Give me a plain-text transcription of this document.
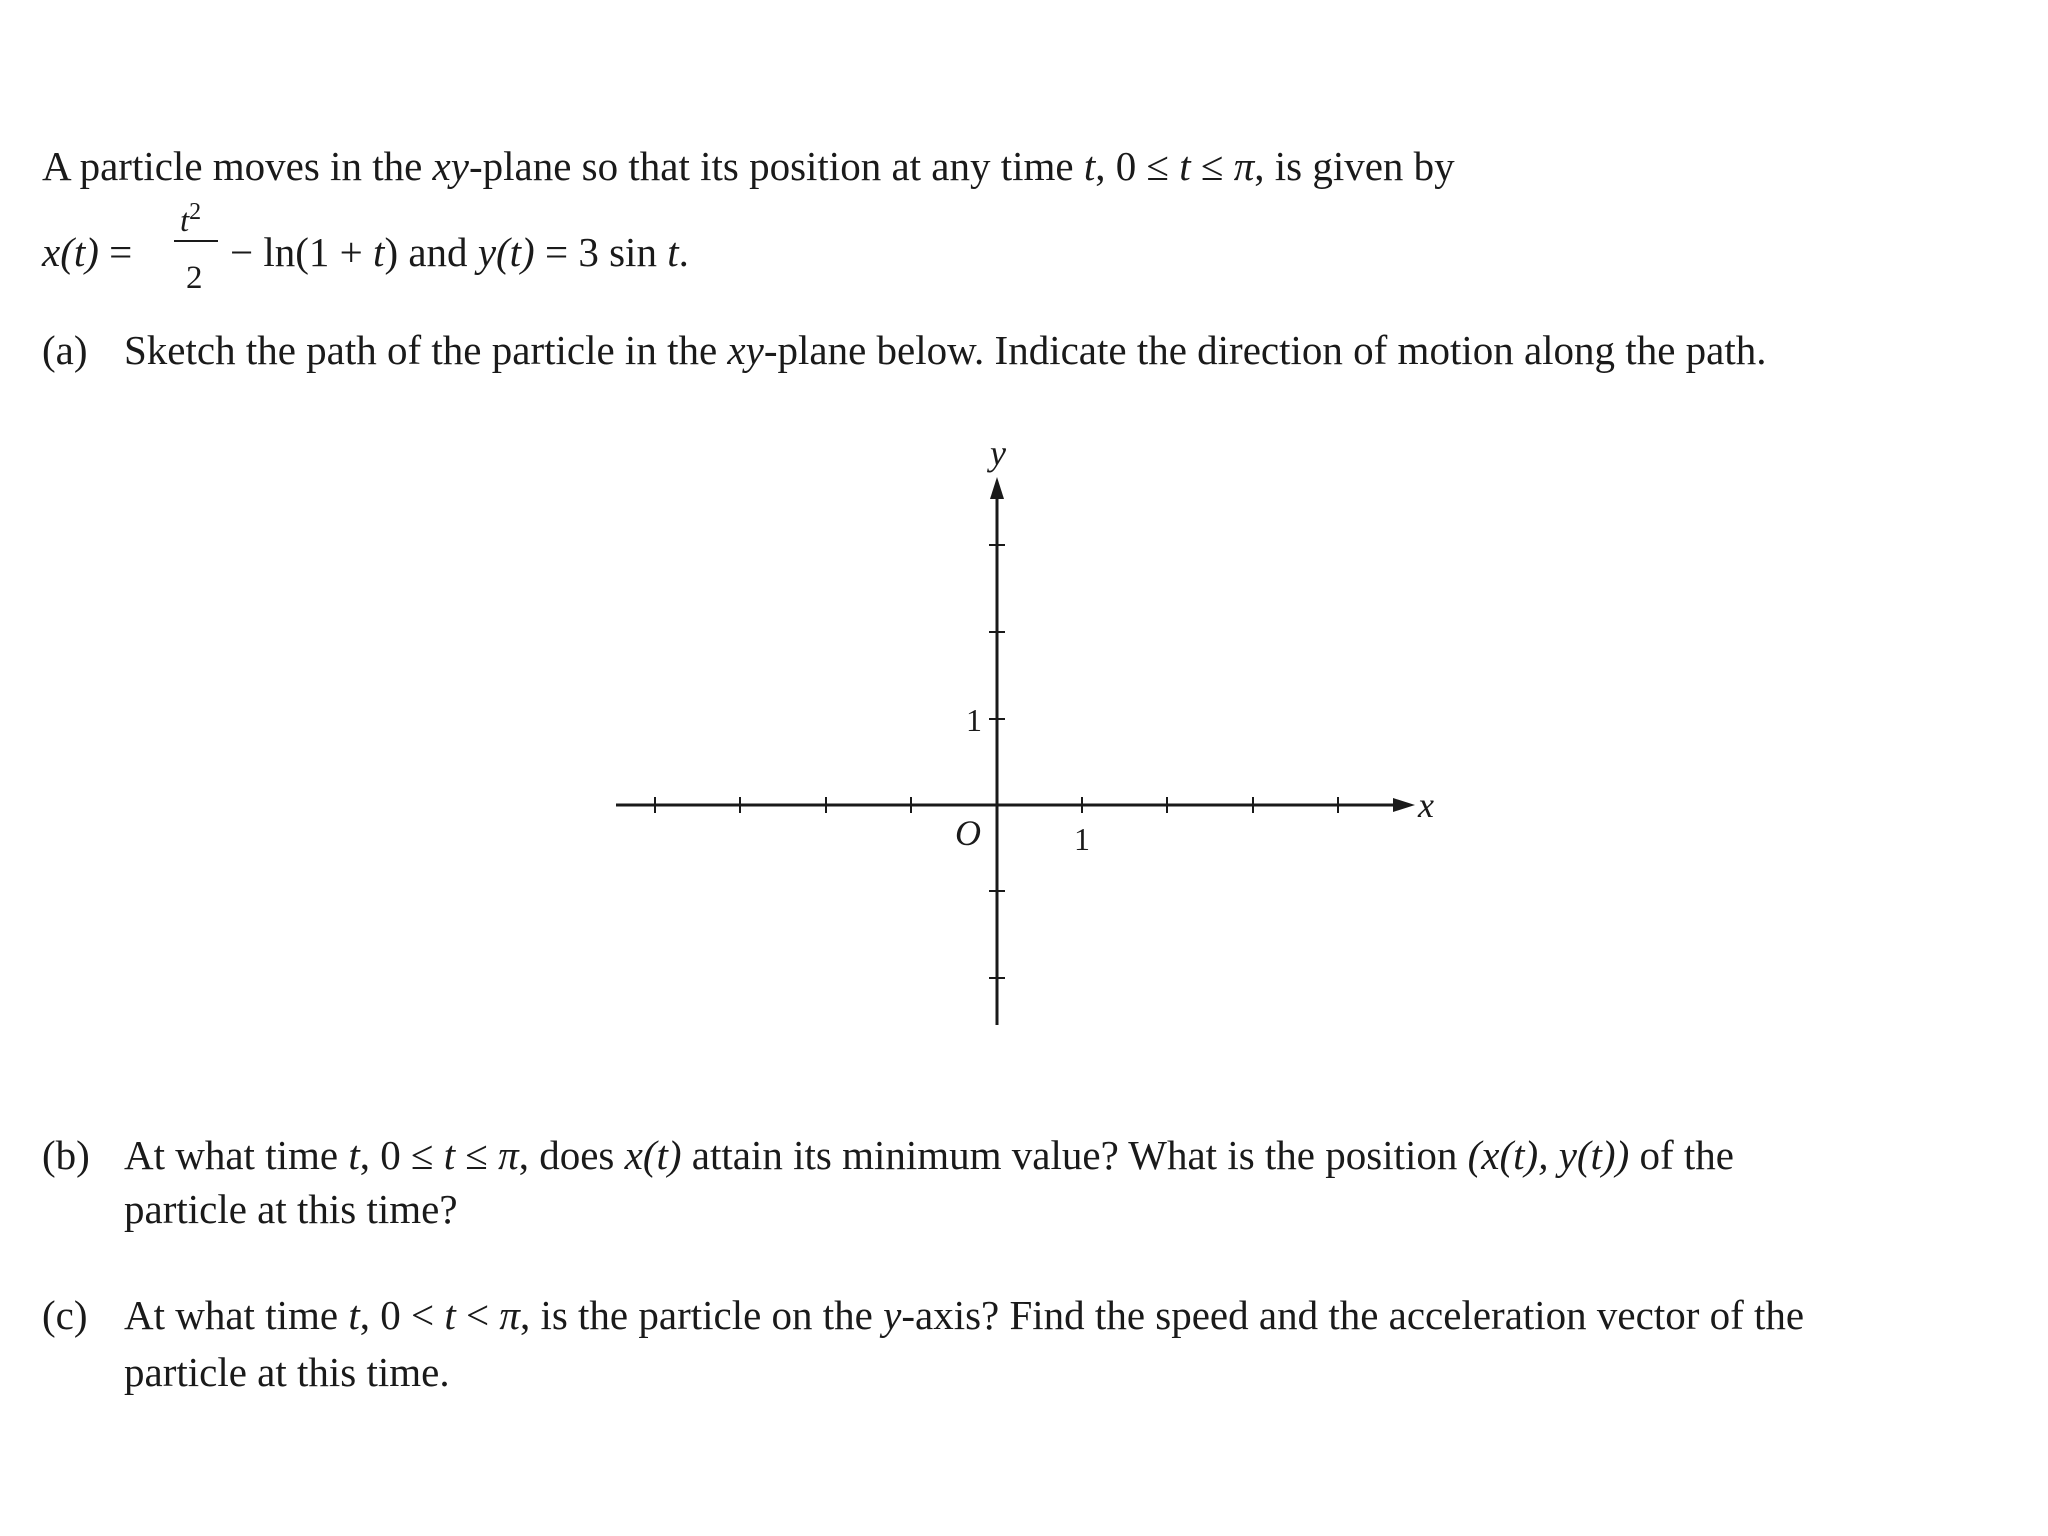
A particle moves in the xy-plane so that its position at any time t, 0 ≤ t ≤ π, is given by
x(t) =
$t^2$
2
− ln(1 + t) and y(t) = 3 sin t.
(a) Sketch the path of the particle in the xy-plane below. Indicate the direction of motion along the path.
y
x
O	1
1
(b) At what time t, 0 ≤ t ≤ π, does x(t) attain its minimum value? What is the position (x(t), y(t)) of the
particle at this time?
(c) At what time t, 0 < t < π, is the particle on the y-axis? Find the speed and the acceleration vector of the
particle at this time.
